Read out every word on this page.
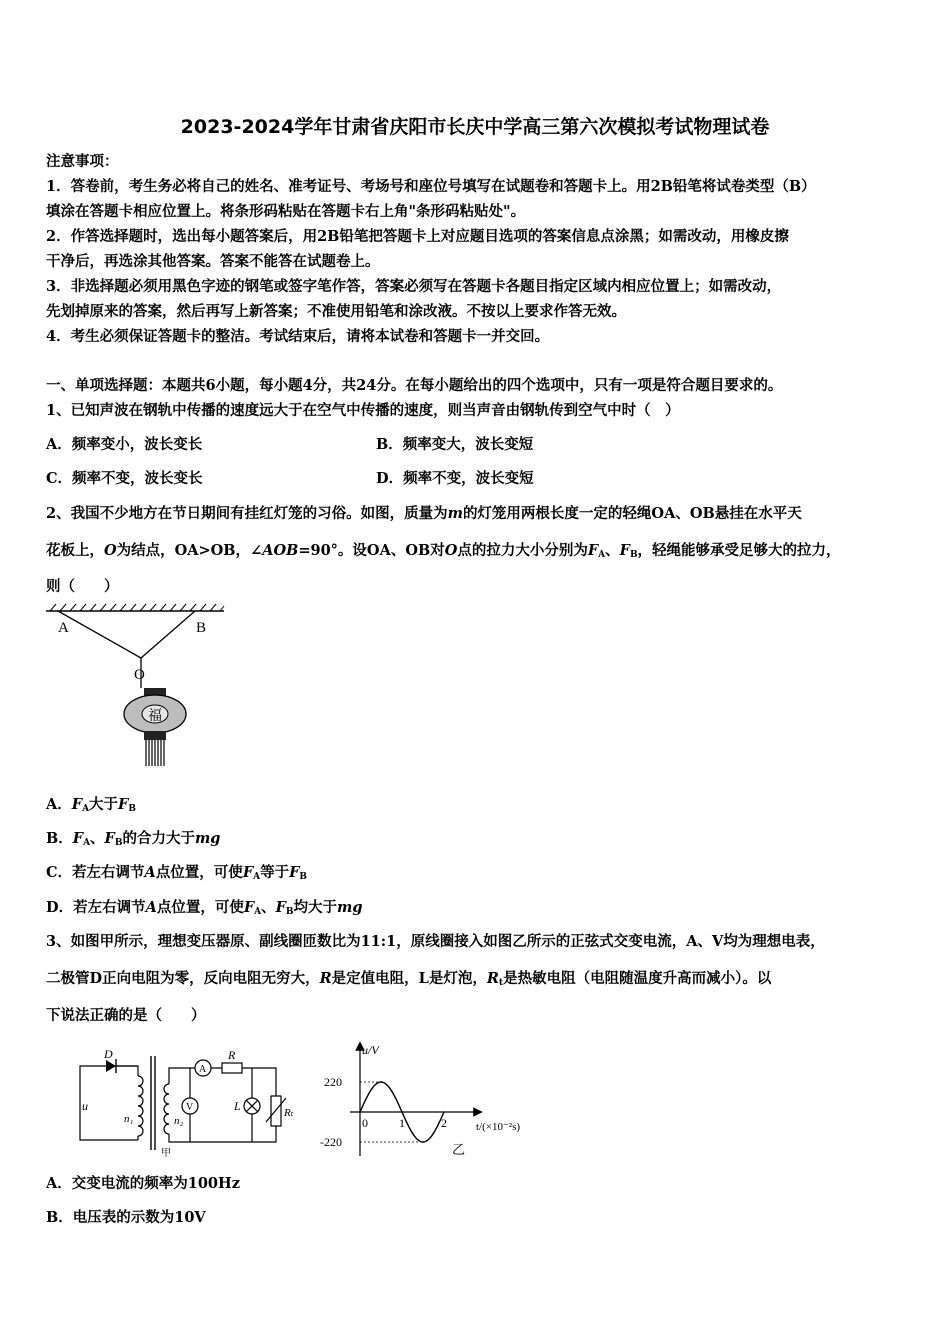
2023-2024学年甘肃省庆阳市长庆中学高三第六次模拟考试物理试卷
注意事项：
1．答卷前，考生务必将自己的姓名、准考证号、考场号和座位号填写在试题卷和答题卡上。用2B铅笔将试卷类型（B）
填涂在答题卡相应位置上。将条形码粘贴在答题卡右上角"条形码粘贴处"。
2．作答选择题时，选出每小题答案后，用2B铅笔把答题卡上对应题目选项的答案信息点涂黑；如需改动，用橡皮擦
干净后，再选涂其他答案。答案不能答在试题卷上。
3．非选择题必须用黑色字迹的钢笔或签字笔作答，答案必须写在答题卡各题目指定区域内相应位置上；如需改动，
先划掉原来的答案，然后再写上新答案；不准使用铅笔和涂改液。不按以上要求作答无效。
4．考生必须保证答题卡的整洁。考试结束后，请将本试卷和答题卡一并交回。
一、单项选择题：本题共6小题，每小题4分，共24分。在每小题给出的四个选项中，只有一项是符合题目要求的。
1、已知声波在钢轨中传播的速度远大于在空气中传播的速度，则当声音由钢轨传到空气中时（　）
A．频率变小，波长变长	B．频率变大，波长变短
C．频率不变，波长变长	D．频率不变，波长变短
2、我国不少地方在节日期间有挂红灯笼的习俗。如图，质量为m的灯笼用两根长度一定的轻绳OA、OB悬挂在水平天
花板上，O为结点，OA>OB，∠AOB=90°。设OA、OB对O点的拉力大小分别为$F_A$、$F_B$，轻绳能够承受足够大的拉力，
则（　　）
A	B
O
福
A．$F_A$大于$F_B$
B．$F_A$、$F_B$的合力大于mg
C．若左右调节A点位置，可使$F_A$等于$F_B$
D．若左右调节A点位置，可使$F_A$、$F_B$均大于mg
3、如图甲所示，理想变压器原、副线圈匝数比为11:1，原线圈接入如图乙所示的正弦式交变电流，A、V均为理想电表，
二极管D正向电阻为零，反向电阻无穷大，R是定值电阻，L是灯泡，$R_t$是热敏电阻（电阻随温度升高而减小）。以
下说法正确的是（　　）
D
u
n₁	n₂
A
V
R
L	Rₜ
甲
u/V
t/(×10⁻²s)
乙
220
-220
0	1	2
A．交变电流的频率为100Hz
B．电压表的示数为10V
